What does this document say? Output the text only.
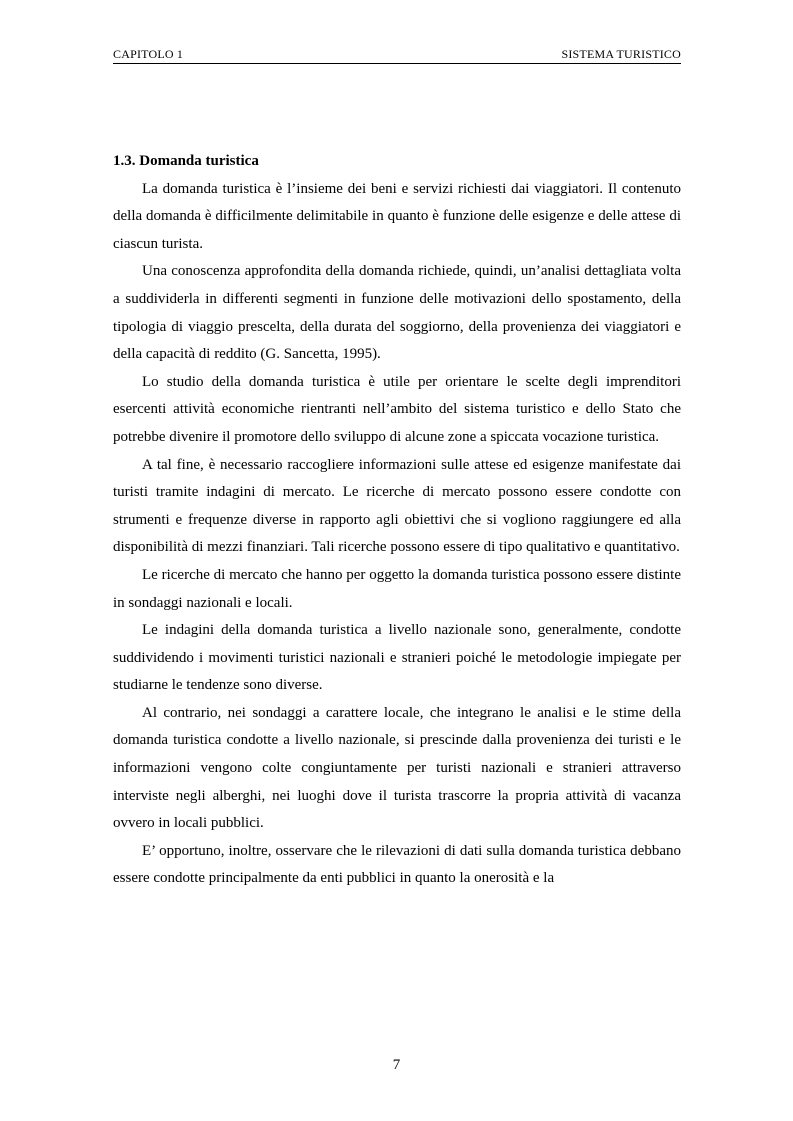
CAPITOLO 1	SISTEMA TURISTICO
1.3. Domanda turistica

La domanda turistica è l’insieme dei beni e servizi richiesti dai viaggiatori. Il contenuto della domanda è difficilmente delimitabile in quanto è funzione delle esigenze e delle attese di ciascun turista.

Una conoscenza approfondita della domanda richiede, quindi, un’analisi dettagliata volta a suddividerla in differenti segmenti in funzione delle motivazioni dello spostamento, della tipologia di viaggio prescelta, della durata del soggiorno, della provenienza dei viaggiatori e della capacità di reddito (G. Sancetta, 1995).

Lo studio della domanda turistica è utile per orientare le scelte degli imprenditori esercenti attività economiche rientranti nell’ambito del sistema turistico e dello Stato che potrebbe divenire il promotore dello sviluppo di alcune zone a spiccata vocazione turistica.

A tal fine, è necessario raccogliere informazioni sulle attese ed esigenze manifestate dai turisti tramite indagini di mercato. Le ricerche di mercato possono essere condotte con strumenti e frequenze diverse in rapporto agli obiettivi che si vogliono raggiungere ed alla disponibilità di mezzi finanziari. Tali ricerche possono essere di tipo qualitativo e quantitativo.

Le ricerche di mercato che hanno per oggetto la domanda turistica possono essere distinte in sondaggi nazionali e locali.

Le indagini della domanda turistica a livello nazionale sono, generalmente, condotte suddividendo i movimenti turistici nazionali e stranieri poiché le metodologie impiegate per studiarne le tendenze sono diverse.

Al contrario, nei sondaggi a carattere locale, che integrano le analisi e le stime della domanda turistica condotte a livello nazionale, si prescinde dalla provenienza dei turisti e le informazioni vengono colte congiuntamente per turisti nazionali e stranieri attraverso interviste negli alberghi, nei luoghi dove il turista trascorre la propria attività di vacanza ovvero in locali pubblici.

E’ opportuno, inoltre, osservare che le rilevazioni di dati sulla domanda turistica debbano essere condotte principalmente da enti pubblici in quanto la onerosità e la

7
